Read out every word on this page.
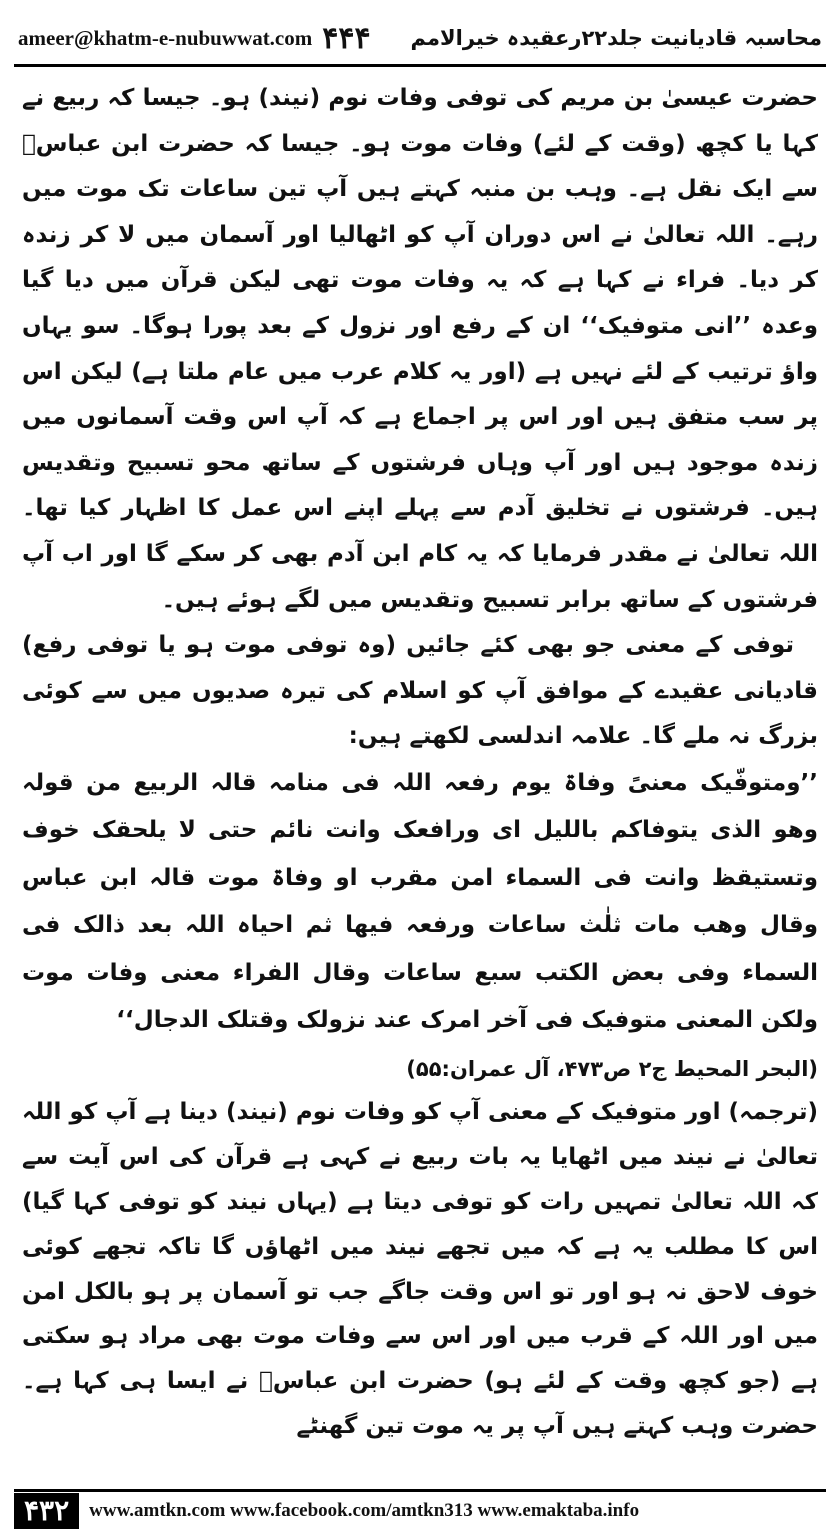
ameer@khatm-e-nubuwwat.com ۴۴۴ محاسبہ قادیانیت جلد۲۲رعقیدہ خیرالامم

حضرت عیسیٰ بن مریم کی توفی وفات نوم (نیند) ہو۔ جیسا کہ ربیع نے کہا یا کچھ (وقت کے لئے) وفات موت ہو۔ جیسا کہ حضرت ابن عباسؓ سے ایک نقل ہے۔ وہب بن منبہ کہتے ہیں آپ تین ساعات تک موت میں رہے۔ اللہ تعالیٰ نے اس دوران آپ کو اٹھالیا اور آسمان میں لا کر زندہ کر دیا۔ فراء نے کہا ہے کہ یہ وفات موت تھی لیکن قرآن میں دیا گیا وعدہ ’’انی متوفیک‘‘ ان کے رفع اور نزول کے بعد پورا ہوگا۔ سو یہاں واؤ ترتیب کے لئے نہیں ہے (اور یہ کلام عرب میں عام ملتا ہے) لیکن اس پر سب متفق ہیں اور اس پر اجماع ہے کہ آپ اس وقت آسمانوں میں زندہ موجود ہیں اور آپ وہاں فرشتوں کے ساتھ محو تسبیح وتقدیس ہیں۔ فرشتوں نے تخلیق آدم سے پہلے اپنے اس عمل کا اظہار کیا تھا۔ اللہ تعالیٰ نے مقدر فرمایا کہ یہ کام ابن آدم بھی کر سکے گا اور اب آپ فرشتوں کے ساتھ برابر تسبیح وتقدیس میں لگے ہوئے ہیں۔

توفی کے معنی جو بھی کئے جائیں (وہ توفی موت ہو یا توفی رفع) قادیانی عقیدے کے موافق آپ کو اسلام کی تیرہ صدیوں میں سے کوئی بزرگ نہ ملے گا۔ علامہ اندلسی لکھتے ہیں:

’’ومتوفّیک معنیً وفاۃ یوم رفعہ اللہ فی منامہ قالہ الربیع من قولہ وھو الذی یتوفاکم باللیل ای ورافعک وانت نائم حتی لا یلحقک خوف وتستیقظ وانت فی السماء امن مقرب او وفاۃ موت قالہ ابن عباس وقال وھب مات ثلٰث ساعات ورفعہ فیھا ثم احیاہ اللہ بعد ذالک فی السماء وفی بعض الکتب سبع ساعات وقال الفراء معنی وفات موت ولکن المعنی متوفیک فی آخر امرک عند نزولک وقتلک الدجال‘‘

(البحر المحیط ج۲ ص۴۷۳، آل عمران:۵۵)

(ترجمہ) اور متوفیک کے معنی آپ کو وفات نوم (نیند) دینا ہے آپ کو اللہ تعالیٰ نے نیند میں اٹھایا یہ بات ربیع نے کہی ہے قرآن کی اس آیت سے کہ اللہ تعالیٰ تمہیں رات کو توفی دیتا ہے (یہاں نیند کو توفی کہا گیا) اس کا مطلب یہ ہے کہ میں تجھے نیند میں اٹھاؤں گا تاکہ تجھے کوئی خوف لاحق نہ ہو اور تو اس وقت جاگے جب تو آسمان پر ہو بالکل امن میں اور اللہ کے قرب میں اور اس سے وفات موت بھی مراد ہو سکتی ہے (جو کچھ وقت کے لئے ہو) حضرت ابن عباسؓ نے ایسا ہی کہا ہے۔ حضرت وہب کہتے ہیں آپ پر یہ موت تین گھنٹے

۴۳۲	www.amtkn.com www.facebook.com/amtkn313 www.emaktaba.info
